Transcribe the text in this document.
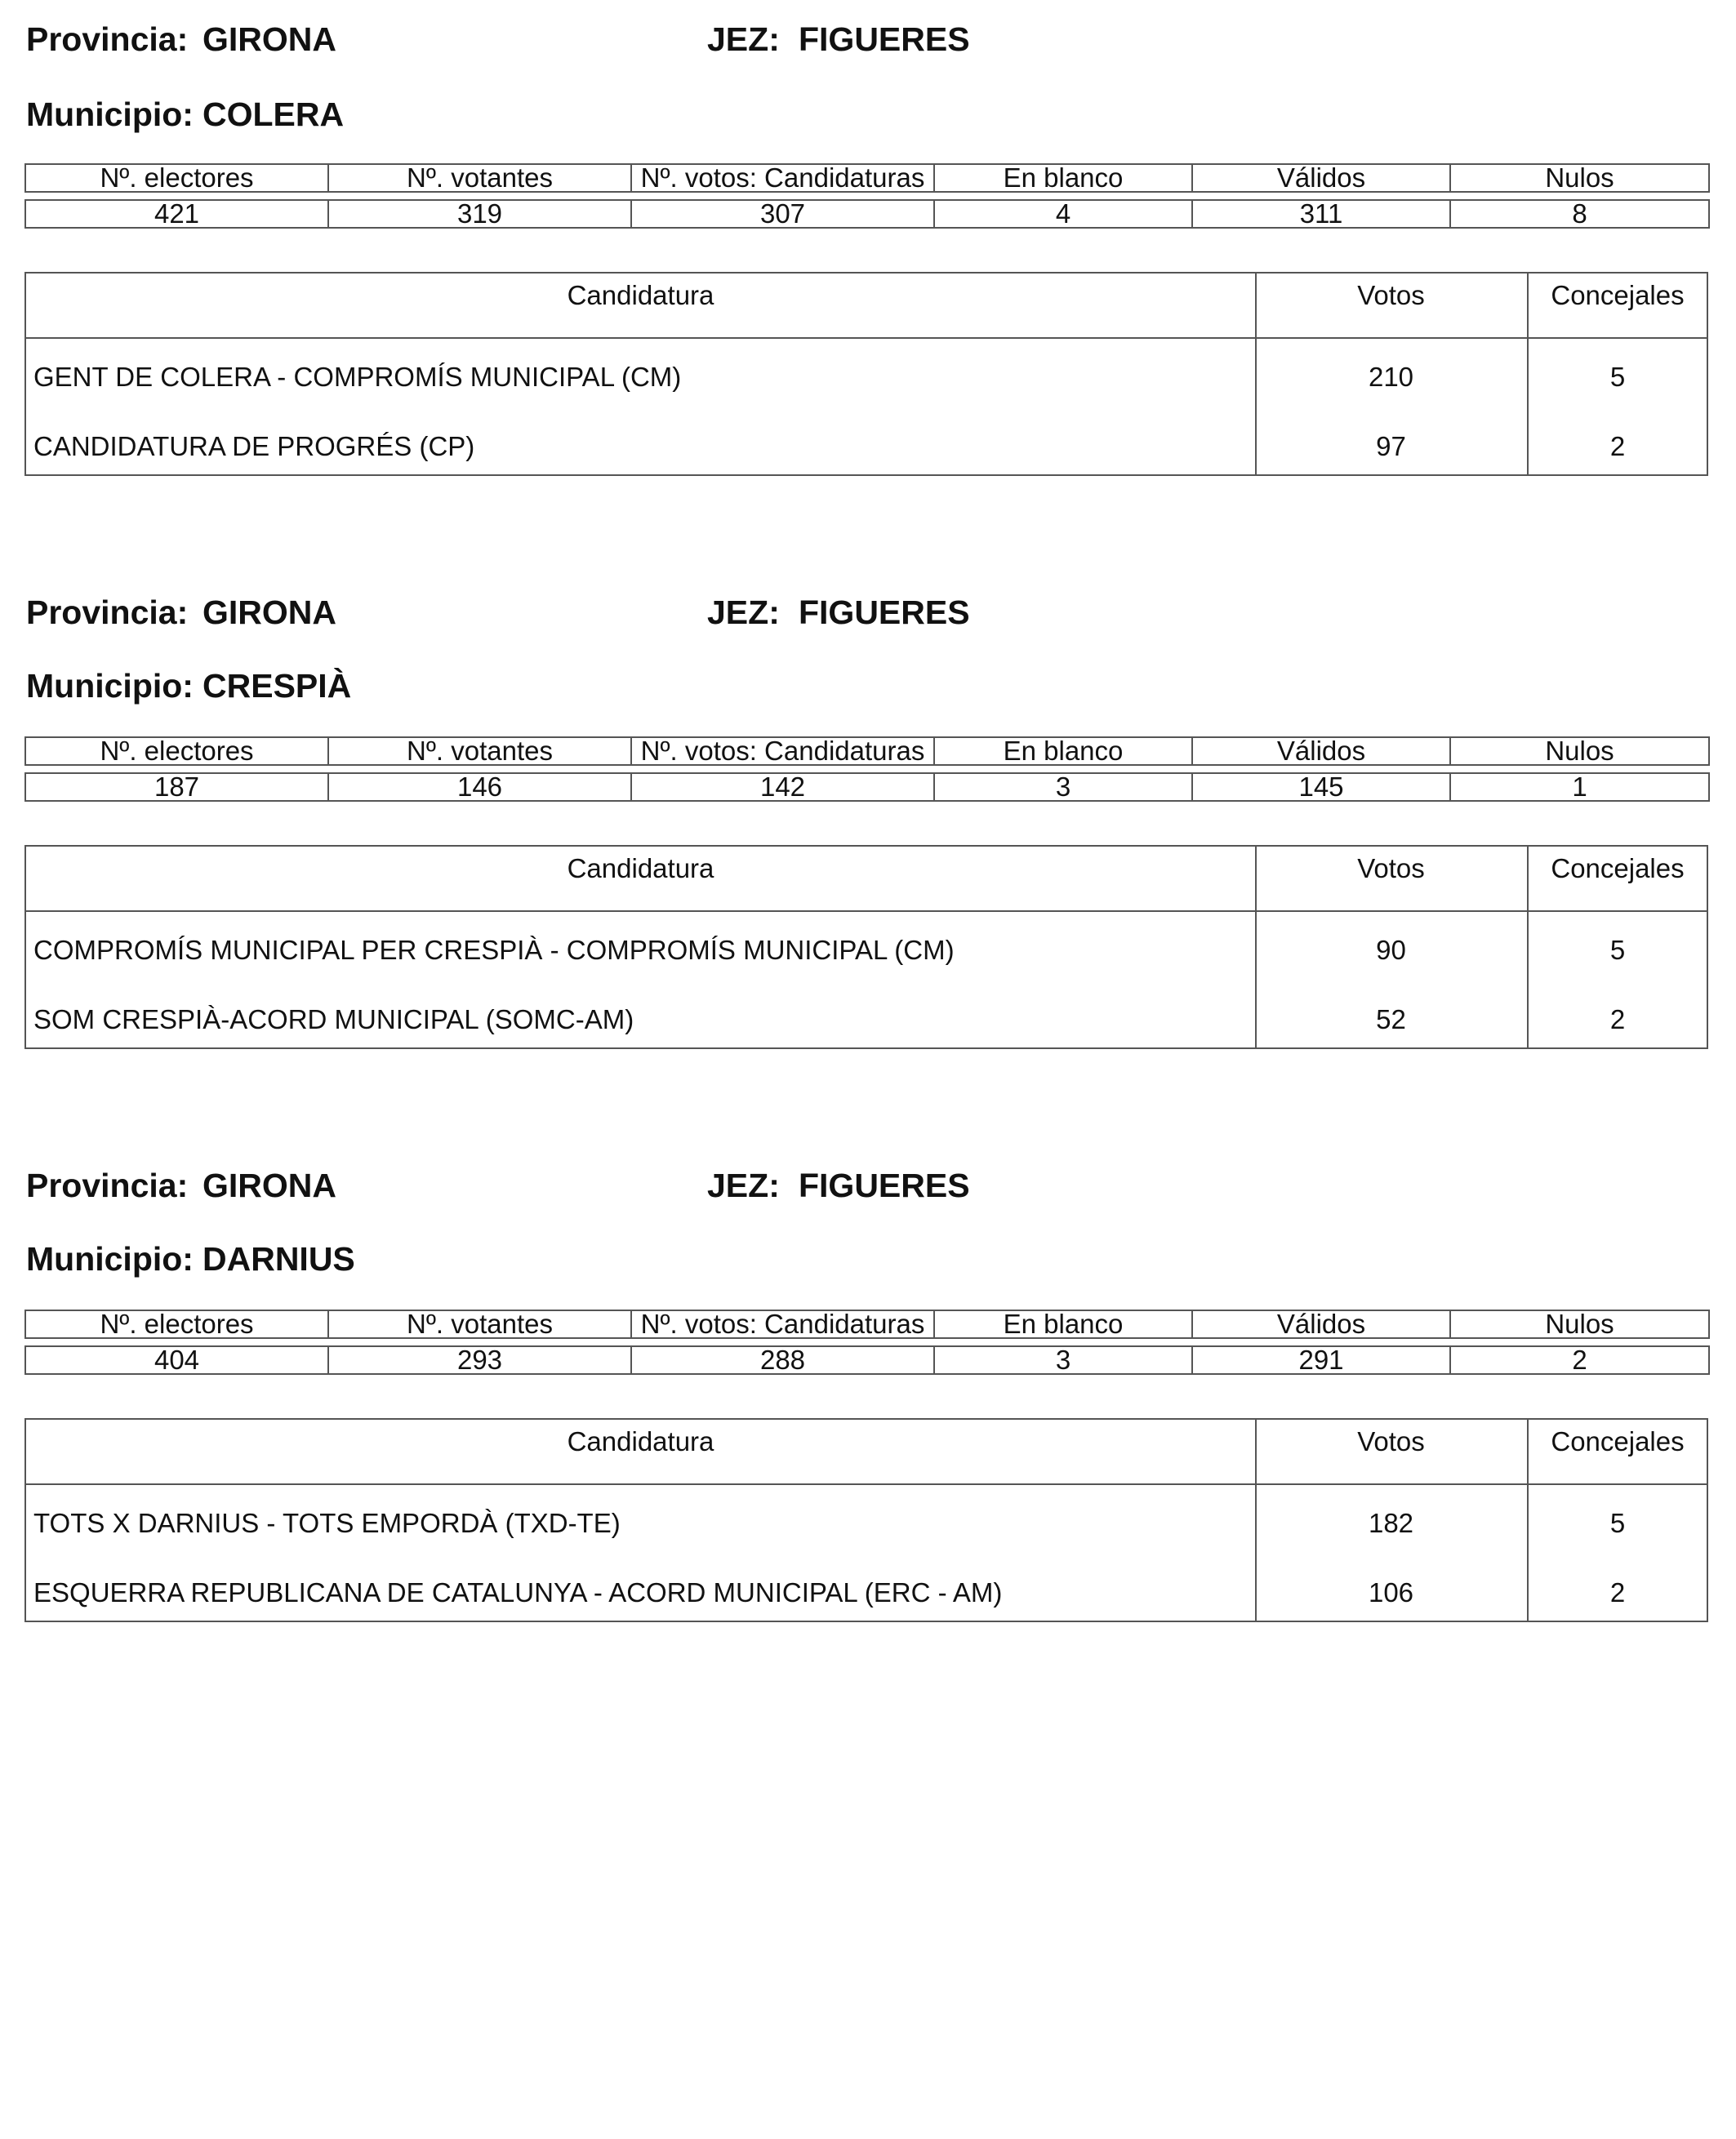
Provincia: GIRONA	JEZ: FIGUERES
Municipio: COLERA
Nº. electores	Nº. votantes	Nº. votos: Candidaturas	En blanco	Válidos	Nulos

421	319	307	4	311	8
Candidatura	Votos	Concejales
GENT DE COLERA - COMPROMÍS MUNICIPAL (CM)	210	5
CANDIDATURA DE PROGRÉS (CP)	97	2
Provincia: GIRONA	JEZ: FIGUERES
Municipio: CRESPIÀ
Nº. electores	Nº. votantes	Nº. votos: Candidaturas	En blanco	Válidos	Nulos

187	146	142	3	145	1
Candidatura	Votos	Concejales
COMPROMÍS MUNICIPAL PER CRESPIÀ - COMPROMÍS MUNICIPAL (CM)	90	5
SOM CRESPIÀ-ACORD MUNICIPAL (SOMC-AM)	52	2
Provincia: GIRONA	JEZ: FIGUERES
Municipio: DARNIUS
Nº. electores	Nº. votantes	Nº. votos: Candidaturas	En blanco	Válidos	Nulos

404	293	288	3	291	2
Candidatura	Votos	Concejales
TOTS X DARNIUS - TOTS EMPORDÀ (TXD-TE)	182	5
ESQUERRA REPUBLICANA DE CATALUNYA - ACORD MUNICIPAL (ERC - AM)	106	2
